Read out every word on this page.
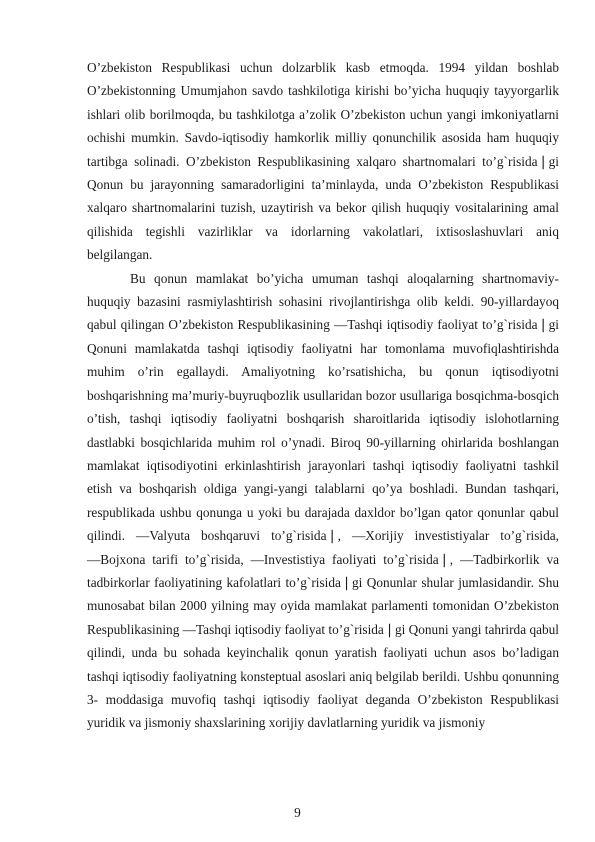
O’zbekiston Respublikasi uchun dolzarblik kasb etmoqda. 1994 yildan boshlab O’zbekistonning Umumjahon savdo tashkilotiga kirishi bo’yicha huquqiy tayyorgarlik ishlari olib borilmoqda, bu tashkilotga a’zolik O’zbekiston uchun yangi imkoniyatlarni ochishi mumkin. Savdo-iqtisodiy hamkorlik milliy qonunchilik asosida ham huquqiy tartibga solinadi. O’zbekiston Respublikasining xalqaro shartnomalari to’g`risida❘gi Qonun bu jarayonning samaradorligini ta’minlayda, unda O’zbekiston Respublikasi xalqaro shartnomalarini tuzish, uzaytirish va bekor qilish huquqiy vositalarining amal qilishida tegishli vazirliklar va idorlarning vakolatlari, ixtisoslashuvlari aniq belgilangan.

Bu qonun mamlakat bo’yicha umuman tashqi aloqalarning shartnomaviy-huquqiy bazasini rasmiylashtirish sohasini rivojlantirishga olib keldi. 90-yillardayoq qabul qilingan O’zbekiston Respublikasining ―Tashqi iqtisodiy faoliyat to’g`risida❘gi Qonuni mamlakatda tashqi iqtisodiy faoliyatni har tomonlama muvofiqlashtirishda muhim o’rin egallaydi. Amaliyotning ko’rsatishicha, bu qonun iqtisodiyotni boshqarishning ma’muriy-buyruqbozlik usullaridan bozor usullariga bosqichma-bosqich o’tish, tashqi iqtisodiy faoliyatni boshqarish sharoitlarida iqtisodiy islohotlarning dastlabki bosqichlarida muhim rol o’ynadi. Biroq 90-yillarning ohirlarida boshlangan mamlakat iqtisodiyotini erkinlashtirish jarayonlari tashqi iqtisodiy faoliyatni tashkil etish va boshqarish oldiga yangi-yangi talablarni qo’ya boshladi. Bundan tashqari, respublikada ushbu qonunga u yoki bu darajada daxldor bo’lgan qator qonunlar qabul qilindi. ―Valyuta boshqaruvi to’g`risida❘, ―Xorijiy investistiyalar to’g`risida, ―Bojxona tarifi to’g`risida, ―Investistiya faoliyati to’g`risida❘, ―Tadbirkorlik va tadbirkorlar faoliyatining kafolatlari to’g`risida❘gi Qonunlar shular jumlasidandir. Shu munosabat bilan 2000 yilning may oyida mamlakat parlamenti tomonidan O’zbekiston Respublikasining ―Tashqi iqtisodiy faoliyat to’g`risida❘gi Qonuni yangi tahrirda qabul qilindi, unda bu sohada keyinchalik qonun yaratish faoliyati uchun asos bo’ladigan tashqi iqtisodiy faoliyatning konsteptual asoslari aniq belgilab berildi. Ushbu qonunning 3- moddasiga muvofiq tashqi iqtisodiy faoliyat deganda O’zbekiston Respublikasi yuridik va jismoniy shaxslarining xorijiy davlatlarning yuridik va jismoniy

9
